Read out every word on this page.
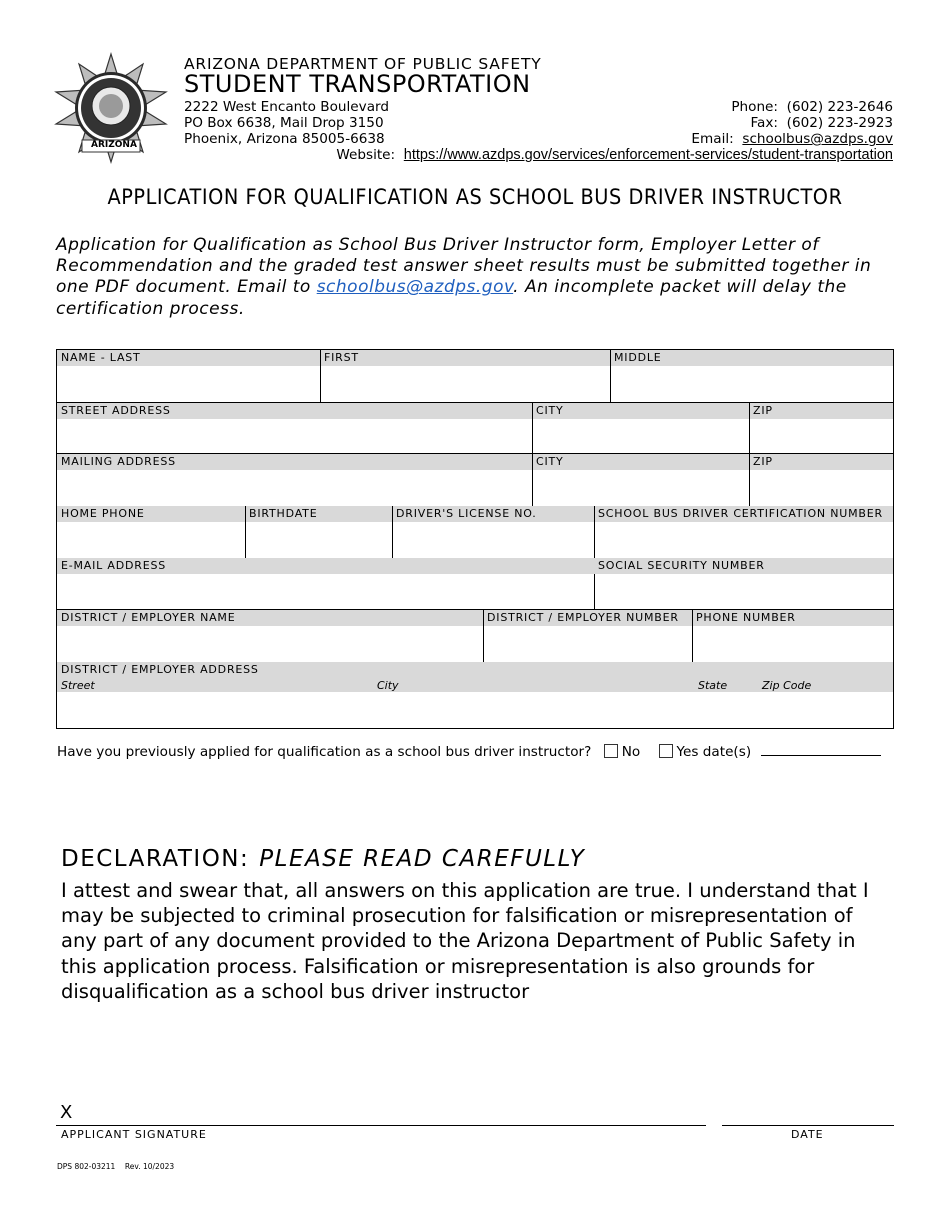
ARIZONA
ARIZONA DEPARTMENT OF PUBLIC SAFETY
STUDENT TRANSPORTATION
2222 West Encanto Boulevard
PO Box 6638, Mail Drop 3150
Phoenix, Arizona 85005-6638
Phone: (602) 223-2646
Fax: (602) 223-2923
Email: schoolbus@azdps.gov
Website: https://www.azdps.gov/services/enforcement-services/student-transportation
APPLICATION FOR QUALIFICATION AS SCHOOL BUS DRIVER INSTRUCTOR
Application for Qualification as School Bus Driver Instructor form, Employer Letter of Recommendation and the graded test answer sheet results must be submitted together in one PDF document. Email to schoolbus@azdps.gov. An incomplete packet will delay the certification process.
NAME - LAST	FIRST	MIDDLE
STREET ADDRESS	CITY	ZIP
MAILING ADDRESS	CITY	ZIP
HOME PHONE	BIRTHDATE	DRIVER'S LICENSE NO.	SCHOOL BUS DRIVER CERTIFICATION NUMBER
E-MAIL ADDRESS	SOCIAL SECURITY NUMBER
DISTRICT / EMPLOYER NAME	DISTRICT / EMPLOYER NUMBER	PHONE NUMBER
DISTRICT / EMPLOYER ADDRESS
Street	City	State	Zip Code
Have you previously applied for qualification as a school bus driver instructor? No	Yes date(s)
DECLARATION: PLEASE READ CAREFULLY
I attest and swear that, all answers on this application are true. I understand that I may be subjected to criminal prosecution for falsification or misrepresentation of any part of any document provided to the Arizona Department of Public Safety in this application process. Falsification or misrepresentation is also grounds for disqualification as a school bus driver instructor
X
APPLICANT SIGNATURE	DATE
DPS 802-03211    Rev. 10/2023
